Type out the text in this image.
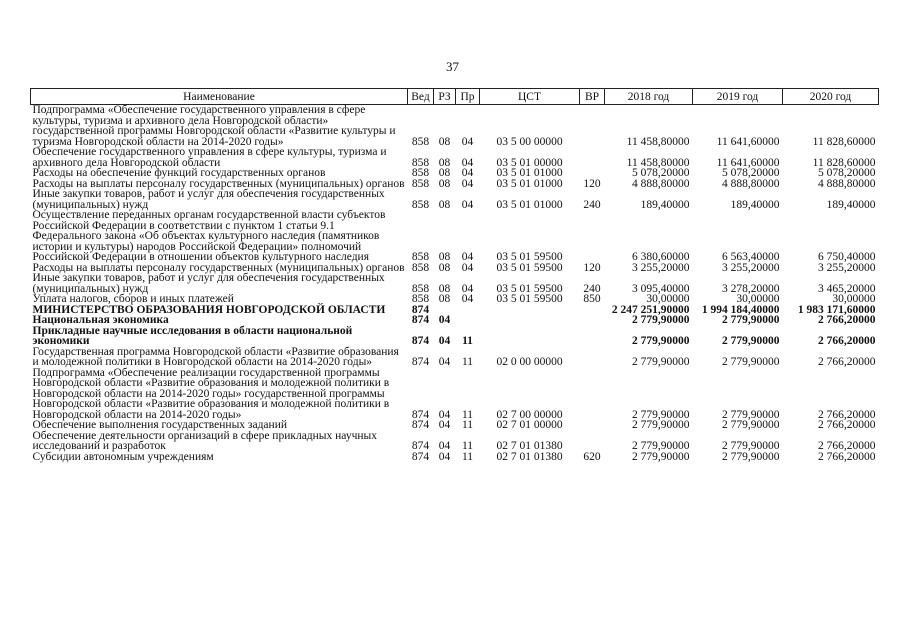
37
Наименование	Вед	РЗ	Пр	ЦСТ	ВР	2018 год	2019 год	2020 год
Подпрограмма «Обеспечение государственного управления в сфере культуры, туризма и архивного дела Новгородской области» государственной программы Новгородской области «Развитие культуры и туризма Новгородской области на 2014-2020 годы»	858	08	04	03 5 00 00000		11 458,80000	11 641,60000	11 828,60000
Обеспечение государственного управления в сфере культуры, туризма и архивного дела Новгородской области	858	08	04	03 5 01 00000		11 458,80000	11 641,60000	11 828,60000
Расходы на обеспечение функций государственных органов	858	08	04	03 5 01 01000		5 078,20000	5 078,20000	5 078,20000
Расходы на выплаты персоналу государственных (муниципальных) органов	858	08	04	03 5 01 01000	120	4 888,80000	4 888,80000	4 888,80000
Иные закупки товаров, работ и услуг для обеспечения государственных (муниципальных) нужд	858	08	04	03 5 01 01000	240	189,40000	189,40000	189,40000
Осуществление переданных органам государственной власти субъектов Российской Федерации в соответствии с пунктом 1 статьи 9.1 Федерального закона «Об объектах культурного наследия (памятников истории и культуры) народов Российской Федерации» полномочий Российской Федерации в отношении объектов культурного наследия	858	08	04	03 5 01 59500		6 380,60000	6 563,40000	6 750,40000
Расходы на выплаты персоналу государственных (муниципальных) органов	858	08	04	03 5 01 59500	120	3 255,20000	3 255,20000	3 255,20000
Иные закупки товаров, работ и услуг для обеспечения государственных (муниципальных) нужд	858	08	04	03 5 01 59500	240	3 095,40000	3 278,20000	3 465,20000
Уплата налогов, сборов и иных платежей	858	08	04	03 5 01 59500	850	30,00000	30,00000	30,00000
МИНИСТЕРСТВО ОБРАЗОВАНИЯ НОВГОРОДСКОЙ ОБЛАСТИ	874					2 247 251,90000	1 994 184,40000	1 983 171,60000
Национальная экономика	874	04				2 779,90000	2 779,90000	2 766,20000
Прикладные научные исследования в области национальной экономики	874	04	11			2 779,90000	2 779,90000	2 766,20000
Государственная программа Новгородской области «Развитие образования и молодежной политики в Новгородской области на 2014-2020 годы»	874	04	11	02 0 00 00000		2 779,90000	2 779,90000	2 766,20000
Подпрограмма «Обеспечение реализации государственной программы Новгородской области «Развитие образования и молодежной политики в Новгородской области на 2014-2020 годы» государственной программы Новгородской области «Развитие образования и молодежной политики в Новгородской области на 2014-2020 годы»	874	04	11	02 7 00 00000		2 779,90000	2 779,90000	2 766,20000
Обеспечение выполнения государственных заданий	874	04	11	02 7 01 00000		2 779,90000	2 779,90000	2 766,20000
Обеспечение деятельности организаций в сфере прикладных научных исследований и разработок	874	04	11	02 7 01 01380		2 779,90000	2 779,90000	2 766,20000
Субсидии автономным учреждениям	874	04	11	02 7 01 01380	620	2 779,90000	2 779,90000	2 766,20000
